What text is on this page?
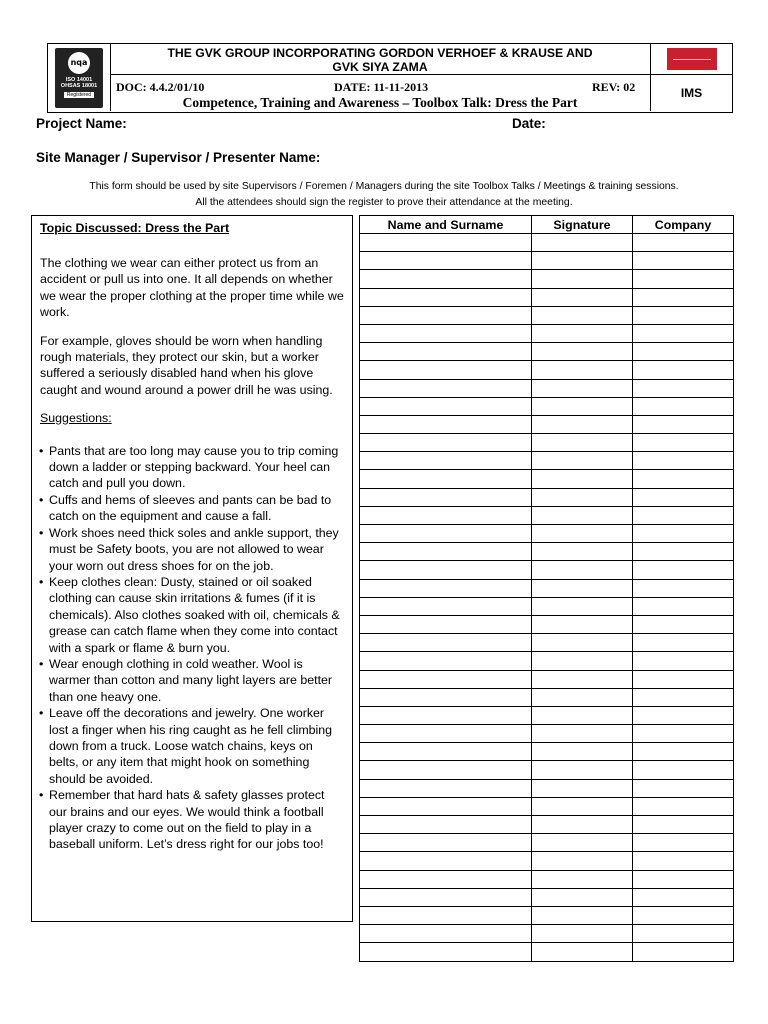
nqa
ISO 14001
OHSAS 18001
Registered
THE GVK GROUP INCORPORATING GORDON VERHOEF & KRAUSE AND
GVK SIYA ZAMA
DOC: 4.4.2/01/10	DATE: 11-11-2013	REV: 02
Competence, Training and Awareness – Toolbox Talk: Dress the Part
IMS
Project Name:	Date:
Site Manager / Supervisor / Presenter Name:
This form should be used by site Supervisors / Foremen / Managers during the site Toolbox Talks / Meetings & training sessions.
All the attendees should sign the register to prove their attendance at the meeting.
Topic Discussed: Dress the Part

The clothing we wear can either protect us from an accident or pull us into one. It all depends on whether we wear the proper clothing at the proper time while we work.

For example, gloves should be worn when handling rough materials, they protect our skin, but a worker suffered a seriously disabled hand when his glove caught and wound around a power drill he was using.

Suggestions:

• Pants that are too long may cause you to trip coming down a ladder or stepping backward. Your heel can catch and pull you down.
• Cuffs and hems of sleeves and pants can be bad to catch on the equipment and cause a fall.
• Work shoes need thick soles and ankle support, they must be Safety boots, you are not allowed to wear your worn out dress shoes for on the job.
• Keep clothes clean: Dusty, stained or oil soaked clothing can cause skin irritations & fumes (if it is chemicals). Also clothes soaked with oil, chemicals & grease can catch flame when they come into contact with a spark or flame & burn you.
• Wear enough clothing in cold weather. Wool is warmer than cotton and many light layers are better than one heavy one.
• Leave off the decorations and jewelry. One worker lost a finger when his ring caught as he fell climbing down from a truck. Loose watch chains, keys on belts, or any item that might hook on something should be avoided.
• Remember that hard hats & safety glasses protect our brains and our eyes. We would think a football player crazy to come out on the field to play in a baseball uniform. Let’s dress right for our jobs too!
Name and Surname	Signature	Company
